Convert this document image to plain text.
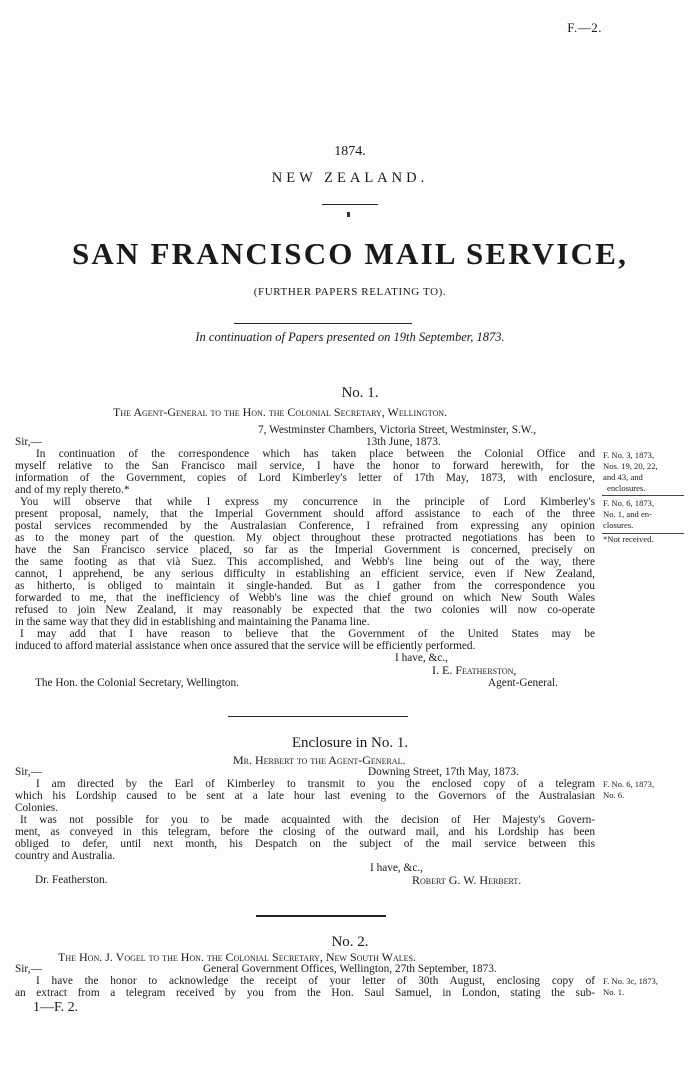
F.—2.
1874.
NEW ZEALAND.
SAN FRANCISCO MAIL SERVICE,
(FURTHER PAPERS RELATING TO).
In continuation of Papers presented on 19th September, 1873.
No. 1.
The Agent-General to the Hon. the Colonial Secretary, Wellington.
7, Westminster Chambers, Victoria Street, Westminster, S.W.,
Sir,—	13th June, 1873.
In continuation of the correspondence which has taken place between the Colonial Office and
myself relative to the San Francisco mail service, I have the honor to forward herewith, for the
information of the Government, copies of Lord Kimberley's letter of 17th May, 1873, with enclosure,
and of my reply thereto.*
You will observe that while I express my concurrence in the principle of Lord Kimberley's
present proposal, namely, that the Imperial Government should afford assistance to each of the three
postal services recommended by the Australasian Conference, I refrained from expressing any opinion
as to the money part of the question. My object throughout these protracted negotiations has been to
have the San Francisco service placed, so far as the Imperial Government is concerned, precisely on
the same footing as that vià Suez. This accomplished, and Webb's line being out of the way, there
cannot, I apprehend, be any serious difficulty in establishing an efficient service, even if New Zealand,
as hitherto, is obliged to maintain it single-handed. But as I gather from the correspondence you
forwarded to me, that the inefficiency of Webb's line was the chief ground on which New South Wales
refused to join New Zealand, it may reasonably be expected that the two colonies will now co-operate
in the same way that they did in establishing and maintaining the Panama line.
I may add that I have reason to believe that the Government of the United States may be
induced to afford material assistance when once assured that the service will be efficiently performed.
I have, &c.,
I. E. Featherston,
The Hon. the Colonial Secretary, Wellington.	Agent-General.
F. No. 3, 1873,
Nos. 19, 20, 22,
and 43, and
enclosures.
F. No. 6, 1873,
No. 1, and en-
closures.
*Not received.
Enclosure in No. 1.
Mr. Herbert to the Agent-General.
Sir,—	Downing Street, 17th May, 1873.
I am directed by the Earl of Kimberley to transmit to you the enclosed copy of a telegram
which his Lordship caused to be sent at a late hour last evening to the Governors of the Australasian
Colonies.
It was not possible for you to be made acquainted with the decision of Her Majesty's Govern-
ment, as conveyed in this telegram, before the closing of the outward mail, and his Lordship has been
obliged to defer, until next month, his Despatch on the subject of the mail service between this
country and Australia.
I have, &c.,
Dr. Featherston.	Robert G. W. Herbert.
F. No. 6, 1873,
No. 6.
No. 2.
The Hon. J. Vogel to the Hon. the Colonial Secretary, New South Wales.
Sir,—	General Government Offices, Wellington, 27th September, 1873.
I have the honor to acknowledge the receipt of your letter of 30th August, enclosing copy of
an extract from a telegram received by you from the Hon. Saul Samuel, in London, stating the sub-
F. No. 3c, 1873,
No. 1.
1—F. 2.
